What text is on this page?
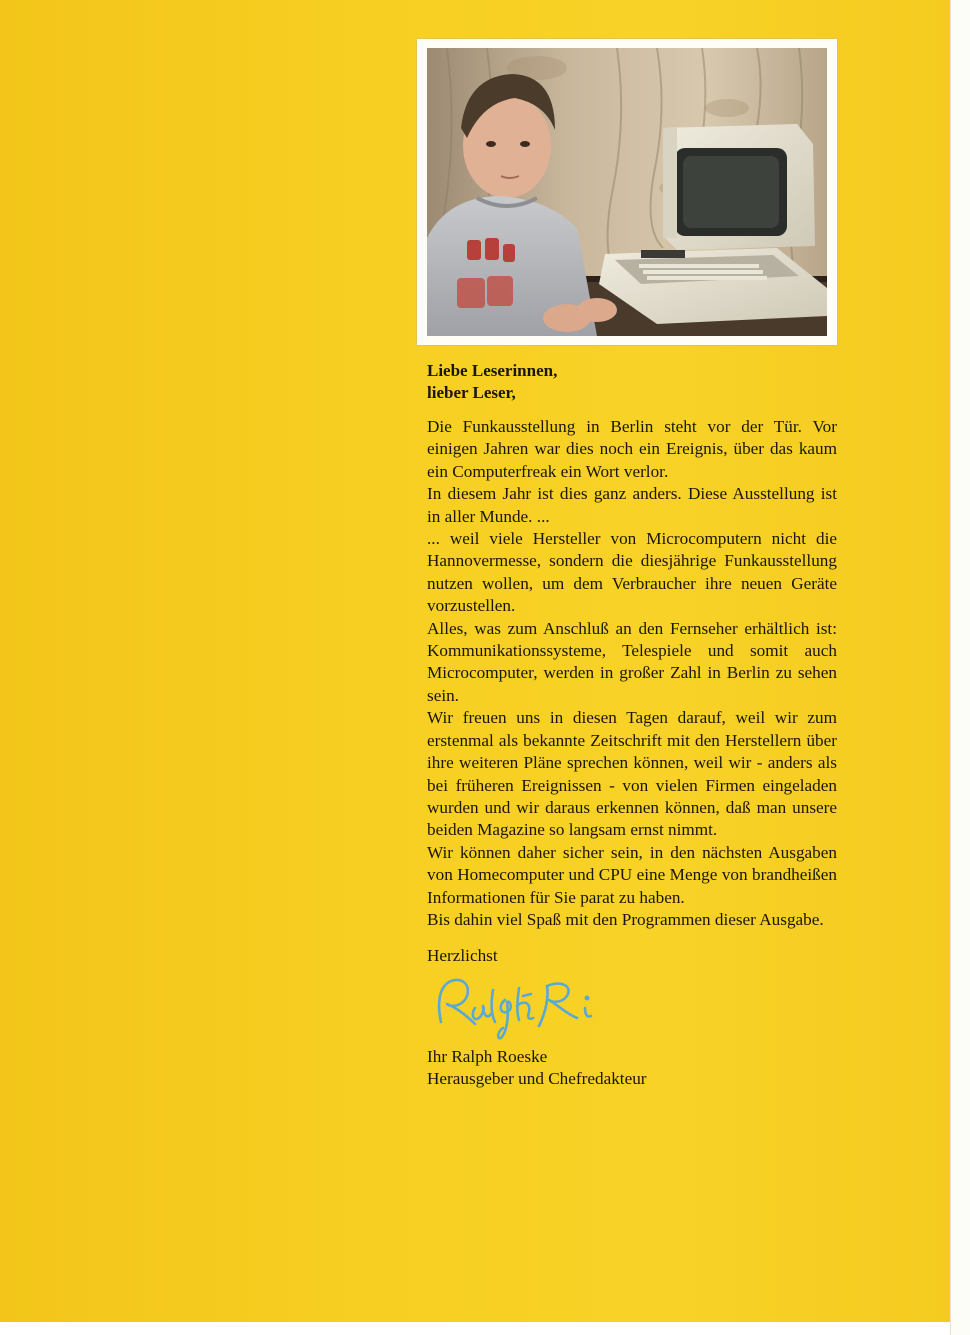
Liebe Leserinnen,
lieber Leser,
Die Funkausstellung in Berlin steht vor der Tür. Vor einigen Jahren war dies noch ein Ereignis, über das kaum ein Computerfreak ein Wort verlor.
In diesem Jahr ist dies ganz anders. Diese Ausstellung ist in aller Munde. ...
... weil viele Hersteller von Microcomputern nicht die Hannovermesse, sondern die diesjährige Funkausstellung nutzen wollen, um dem Verbraucher ihre neuen Geräte vorzustellen.
Alles, was zum Anschluß an den Fernseher erhältlich ist: Kommunikationssysteme, Telespiele und somit auch Microcomputer, werden in großer Zahl in Berlin zu sehen sein.
Wir freuen uns in diesen Tagen darauf, weil wir zum erstenmal als bekannte Zeitschrift mit den Herstellern über ihre weiteren Pläne sprechen können, weil wir - anders als bei früheren Ereignissen - von vielen Firmen eingeladen wurden und wir daraus erkennen können, daß man unsere beiden Magazine so langsam ernst nimmt.
Wir können daher sicher sein, in den nächsten Ausgaben von Homecomputer und CPU eine Menge von brandheißen Informationen für Sie parat zu haben.
Bis dahin viel Spaß mit den Programmen dieser Ausgabe.
Herzlichst
Ihr Ralph Roeske
Herausgeber und Chefredakteur
